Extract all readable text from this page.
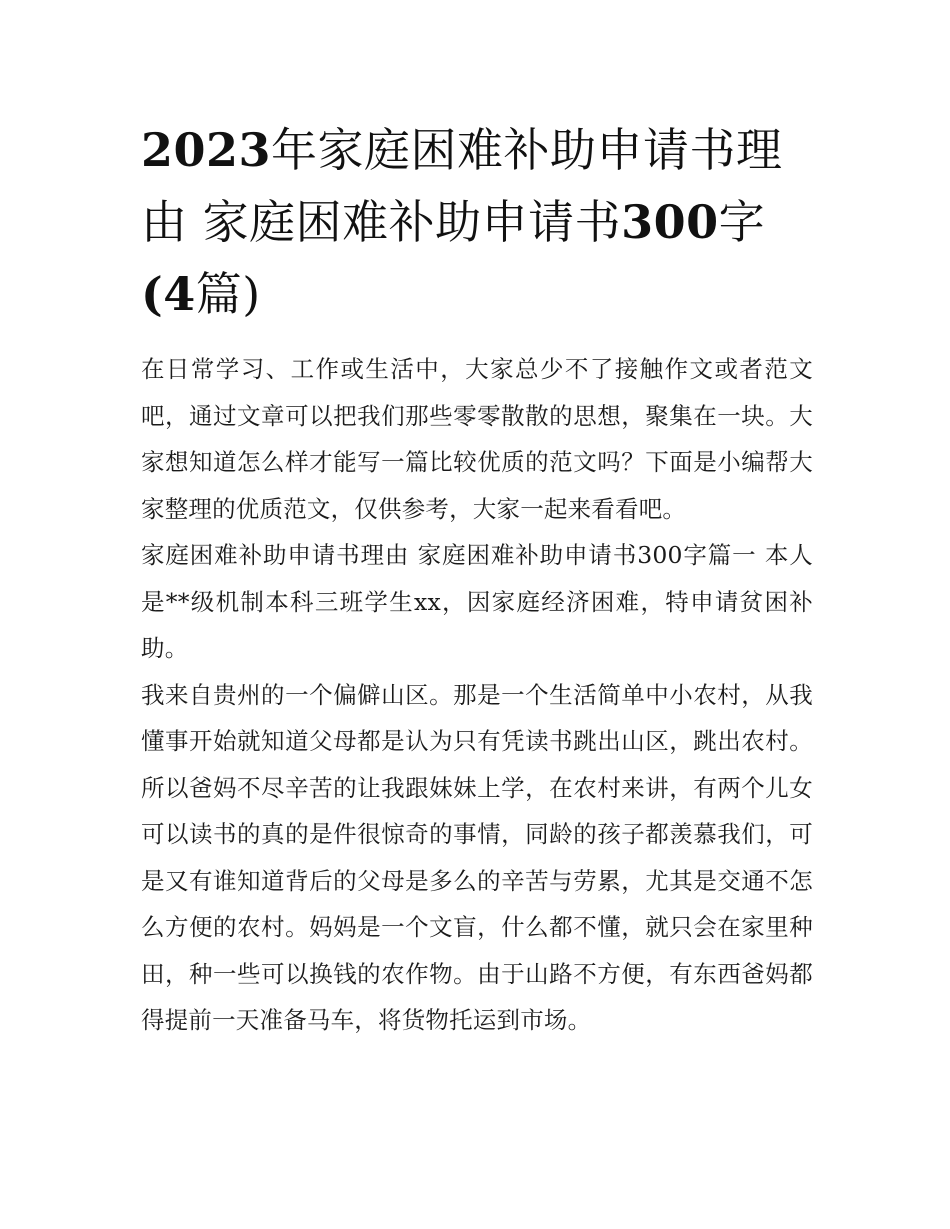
2023年家庭困难补助申请书理由 家庭困难补助申请书300字
(4篇)

在日常学习、工作或生活中，大家总少不了接触作文或者范文吧，通过文章可以把我们那些零零散散的思想，聚集在一块。大家想知道怎么样才能写一篇比较优质的范文吗？下面是小编帮大家整理的优质范文，仅供参考，大家一起来看看吧。

家庭困难补助申请书理由 家庭困难补助申请书300字篇一 本人是**级机制本科三班学生xx，因家庭经济困难，特申请贫困补助。

我来自贵州的一个偏僻山区。那是一个生活简单中小农村，从我懂事开始就知道父母都是认为只有凭读书跳出山区，跳出农村。所以爸妈不尽辛苦的让我跟妹妹上学，在农村来讲，有两个儿女可以读书的真的是件很惊奇的事情，同龄的孩子都羡慕我们，可是又有谁知道背后的父母是多么的辛苦与劳累，尤其是交通不怎么方便的农村。妈妈是一个文盲，什么都不懂，就只会在家里种田，种一些可以换钱的农作物。由于山路不方便，有东西爸妈都得提前一天准备马车，将货物托运到市场。
